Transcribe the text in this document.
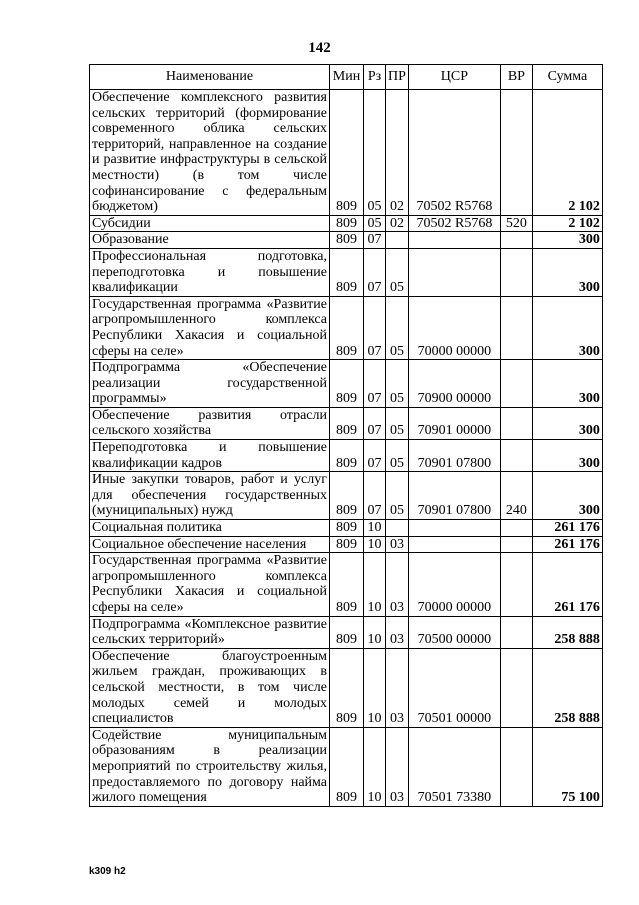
142
Наименование	Мин	Рз	ПР	ЦСР	ВР	Сумма
Обеспечение комплексного развития сельских территорий (формирование современного облика сельских территорий, направленное на создание и развитие инфраструктуры в сельской местности) (в том числе софинансирование с федеральным бюджетом)	809	05	02	70502 R5768		2 102
Субсидии	809	05	02	70502 R5768	520	2 102
Образование	809	07				300
Профессиональная подготовка, переподготовка и повышение квалификации	809	07	05			300
Государственная программа «Развитие агропромышленного комплекса Республики Хакасия и социальной сферы на селе»	809	07	05	70000 00000		300
Подпрограмма «Обеспечение реализации государственной программы»	809	07	05	70900 00000		300
Обеспечение развития отрасли сельского хозяйства	809	07	05	70901 00000		300
Переподготовка и повышение квалификации кадров	809	07	05	70901 07800		300
Иные закупки товаров, работ и услуг для обеспечения государственных (муниципальных) нужд	809	07	05	70901 07800	240	300
Социальная политика	809	10				261 176
Социальное обеспечение населения	809	10	03			261 176
Государственная программа «Развитие агропромышленного комплекса Республики Хакасия и социальной сферы на селе»	809	10	03	70000 00000		261 176
Подпрограмма «Комплексное развитие сельских территорий»	809	10	03	70500 00000		258 888
Обеспечение благоустроенным жильем граждан, проживающих в сельской местности, в том числе молодых семей и молодых специалистов	809	10	03	70501 00000		258 888
Содействие муниципальным образованиям в реализации мероприятий по строительству жилья, предоставляемого по договору найма жилого помещения	809	10	03	70501 73380		75 100
k309 h2
